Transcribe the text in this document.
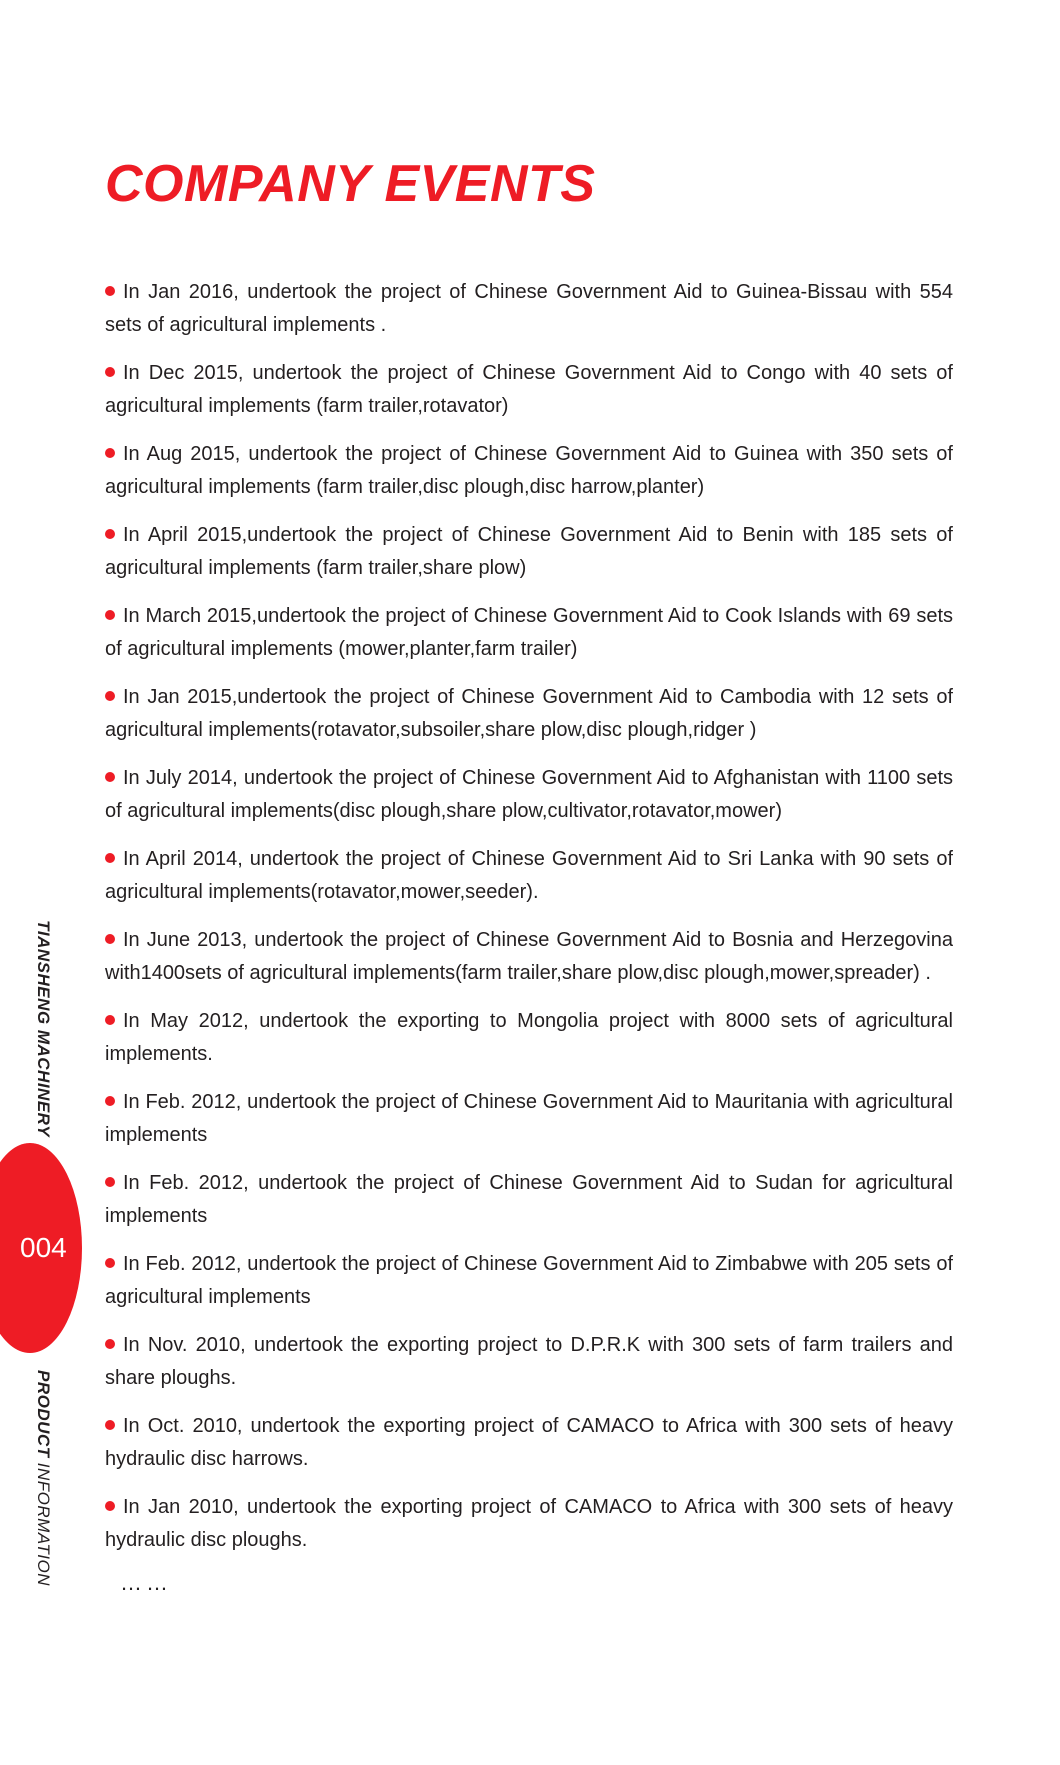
COMPANY EVENTS
In Jan 2016, undertook the project of Chinese Government Aid to Guinea-Bissau with 554 sets of agricultural implements .
In Dec 2015, undertook the project of Chinese Government Aid to Congo with 40 sets of agricultural implements (farm trailer,rotavator)
In Aug 2015, undertook the project of Chinese Government Aid to Guinea with 350 sets of agricultural implements (farm trailer,disc plough,disc harrow,planter)
In April 2015,undertook the project of Chinese Government Aid to Benin with 185 sets of agricultural implements (farm trailer,share plow)
In March 2015,undertook the project of Chinese Government Aid to Cook Islands with 69 sets of agricultural implements (mower,planter,farm trailer)
In Jan 2015,undertook the project of Chinese Government Aid to Cambodia with 12 sets of agricultural implements(rotavator,subsoiler,share plow,disc plough,ridger )
In July 2014, undertook the project of Chinese Government Aid to Afghanistan with 1100 sets of agricultural implements(disc plough,share plow,cultivator,rotavator,mower)
In April 2014, undertook the project of Chinese Government Aid to Sri Lanka with 90 sets of agricultural implements(rotavator,mower,seeder).
In June 2013, undertook the project of Chinese Government Aid to Bosnia and Herzegovina with1400sets of agricultural implements(farm trailer,share plow,disc plough,mower,spreader) .
In May 2012, undertook the exporting to Mongolia project with 8000 sets of agricultural implements.
In Feb. 2012, undertook the project of Chinese Government Aid to Mauritania with agricultural implements
In Feb. 2012, undertook the project of Chinese Government Aid to Sudan for agricultural implements
In Feb. 2012, undertook the project of Chinese Government Aid to Zimbabwe with 205 sets of agricultural implements
In Nov. 2010, undertook the exporting project to D.P.R.K with 300 sets of farm trailers and share ploughs.
In Oct. 2010, undertook the exporting project of CAMACO to Africa with 300 sets of heavy hydraulic disc harrows.
In Jan 2010, undertook the exporting project of CAMACO to Africa with 300 sets of heavy hydraulic disc ploughs.
……
TIANSHENG MACHINERY
004
PRODUCT INFORMATION
